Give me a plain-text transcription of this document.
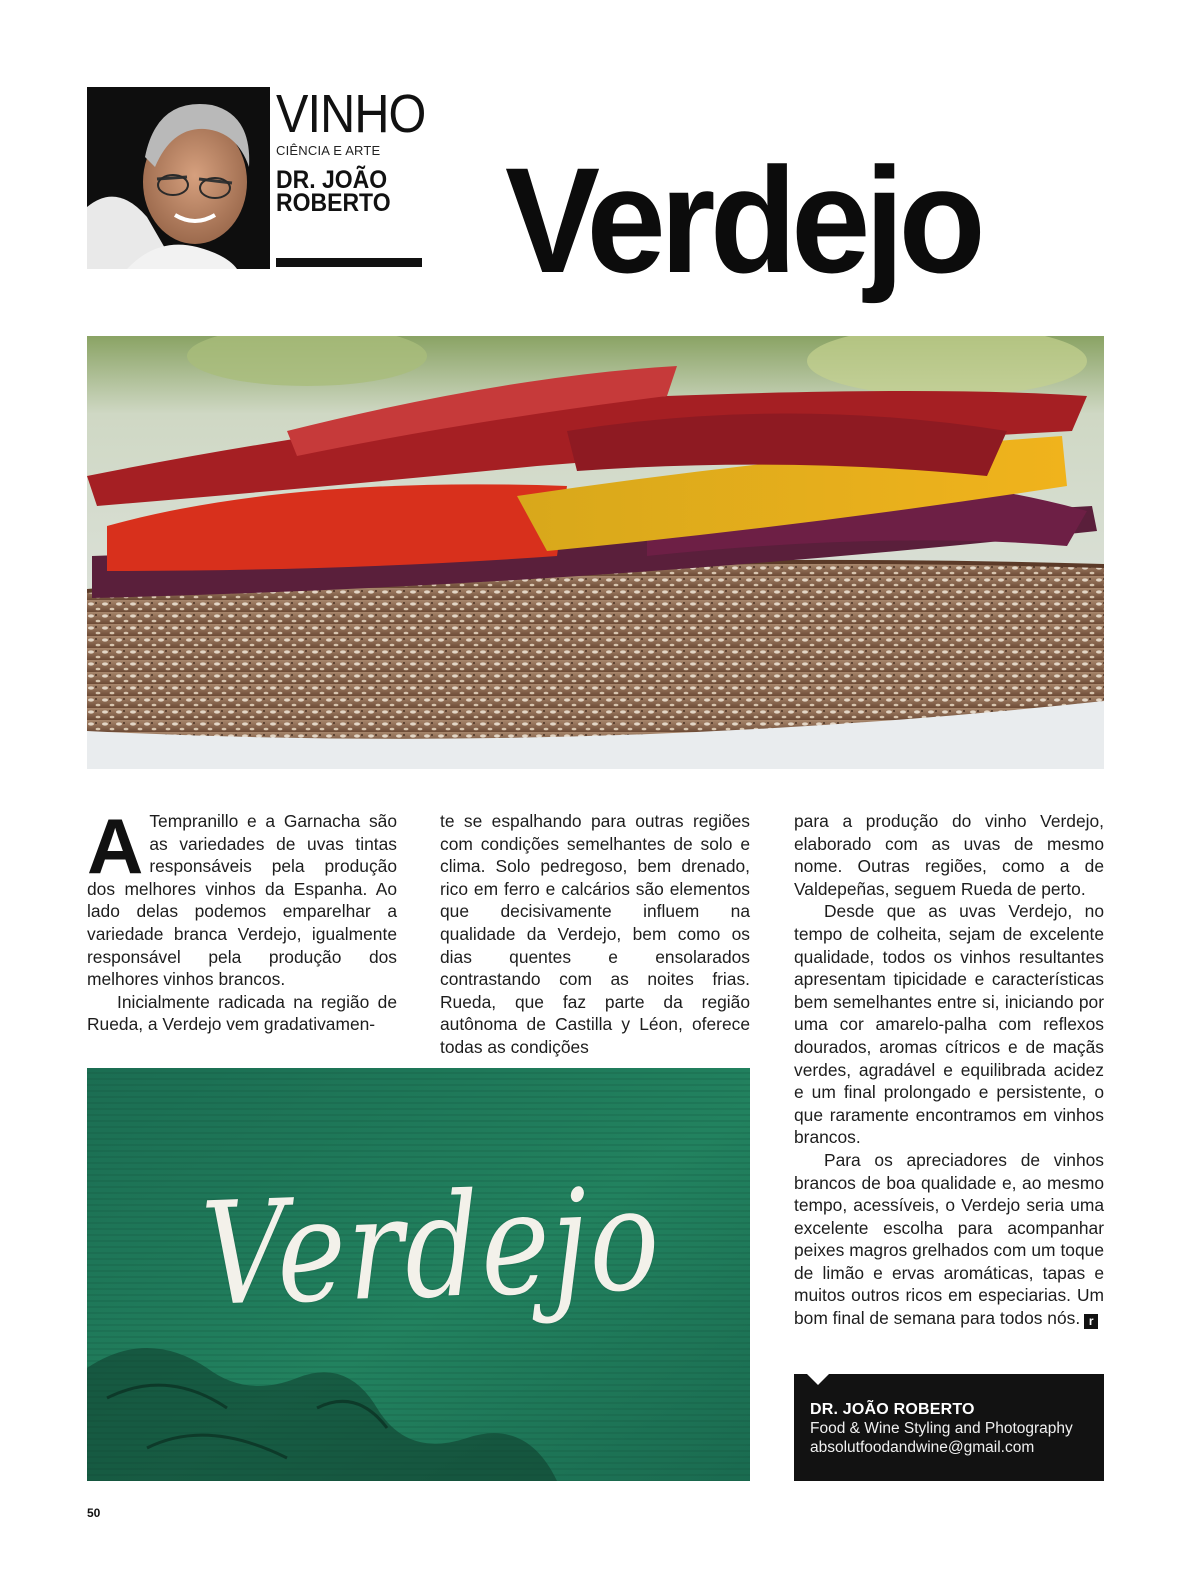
VINHO
CIÊNCIA E ARTE
DR. JOÃO
ROBERTO Verdejo

A Tempranillo e a Garnacha são as variedades de uvas tintas responsáveis pela produção dos melhores vinhos da Espanha. Ao lado delas podemos emparelhar a variedade branca Verdejo, igualmente responsável pela produção dos melhores vinhos brancos.

Inicialmente radicada na região de Rueda, a Verdejo vem gradativamen-

te se espalhando para outras regiões com condições semelhantes de solo e clima. Solo pedregoso, bem drenado, rico em ferro e calcários são elementos que decisivamente influem na qualidade da Verdejo, bem como os dias quentes e ensolarados contrastando com as noites frias. Rueda, que faz parte da região autônoma de Castilla y Léon, oferece todas as condições

para a produção do vinho Verdejo, elaborado com as uvas de mesmo nome. Outras regiões, como a de Valdepeñas, seguem Rueda de perto.

Desde que as uvas Verdejo, no tempo de colheita, sejam de excelente qualidade, todos os vinhos resultantes apresentam tipicidade e características bem semelhantes entre si, iniciando por uma cor amarelo-palha com reflexos dourados, aromas cítricos e de maçãs verdes, agradável e equilibrada acidez e um final prolongado e persistente, o que raramente encontramos em vinhos brancos.

Para os apreciadores de vinhos brancos de boa qualidade e, ao mesmo tempo, acessíveis, o Verdejo seria uma excelente escolha para acompanhar peixes magros grelhados com um toque de limão e ervas aromáticas, tapas e muitos outros ricos em especiarias. Um bom final de semana para todos nós. r

Verdejo
DR. JOÃO ROBERTO
Food & Wine Styling and Photography
absolutfoodandwine@gmail.com
50
